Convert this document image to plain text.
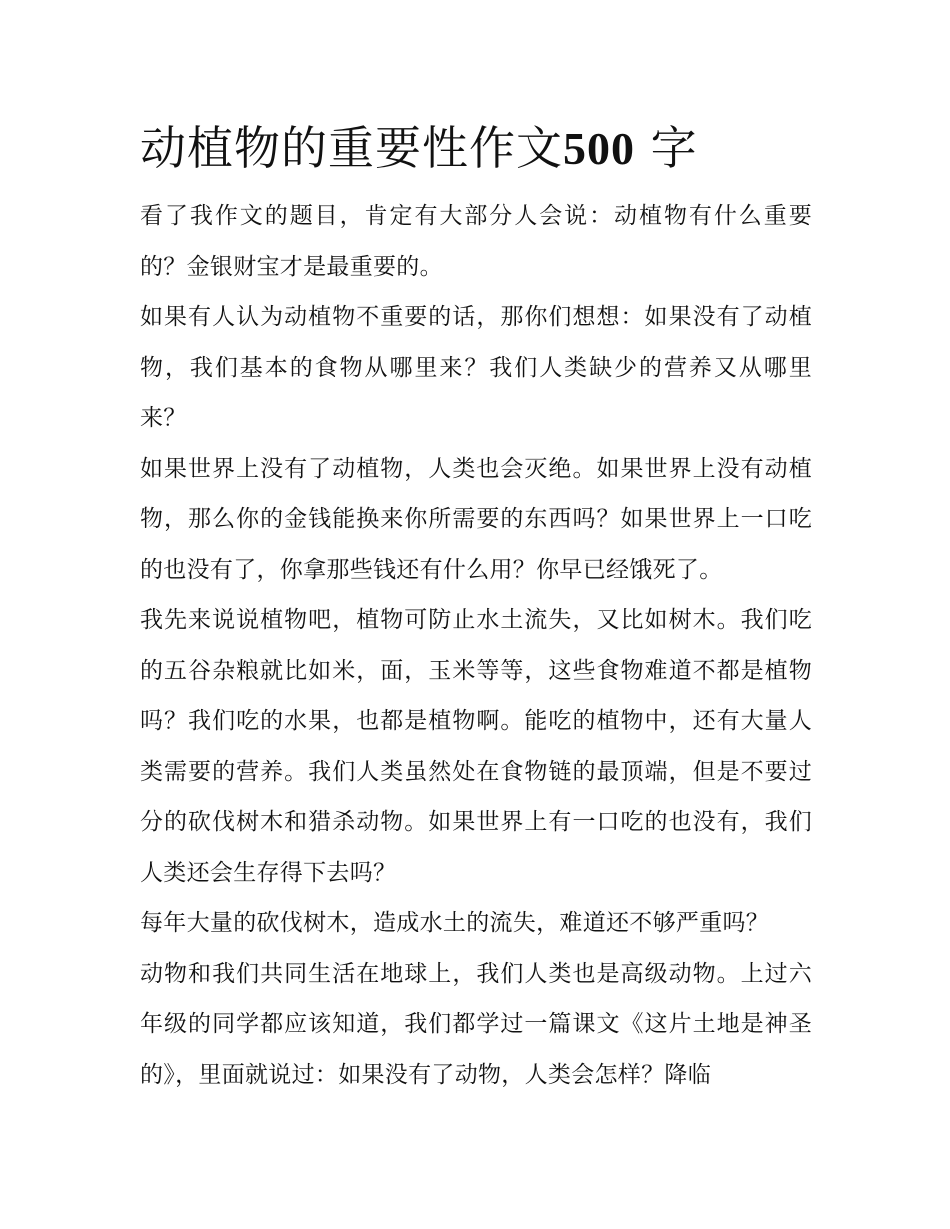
动植物的重要性作文500 字

看了我作文的题目，肯定有大部分人会说：动植物有什么重要的？金银财宝才是最重要的。

如果有人认为动植物不重要的话，那你们想想：如果没有了动植物，我们基本的食物从哪里来？我们人类缺少的营养又从哪里来？

如果世界上没有了动植物，人类也会灭绝。如果世界上没有动植物，那么你的金钱能换来你所需要的东西吗？如果世界上一口吃的也没有了，你拿那些钱还有什么用？你早已经饿死了。

我先来说说植物吧，植物可防止水土流失，又比如树木。我们吃的五谷杂粮就比如米，面，玉米等等，这些食物难道不都是植物吗？我们吃的水果，也都是植物啊。能吃的植物中，还有大量人类需要的营养。我们人类虽然处在食物链的最顶端，但是不要过分的砍伐树木和猎杀动物。如果世界上有一口吃的也没有，我们人类还会生存得下去吗？

每年大量的砍伐树木，造成水土的流失，难道还不够严重吗？

动物和我们共同生活在地球上，我们人类也是高级动物。上过六年级的同学都应该知道，我们都学过一篇课文《这片土地是神圣的》，里面就说过：如果没有了动物，人类会怎样？降临
